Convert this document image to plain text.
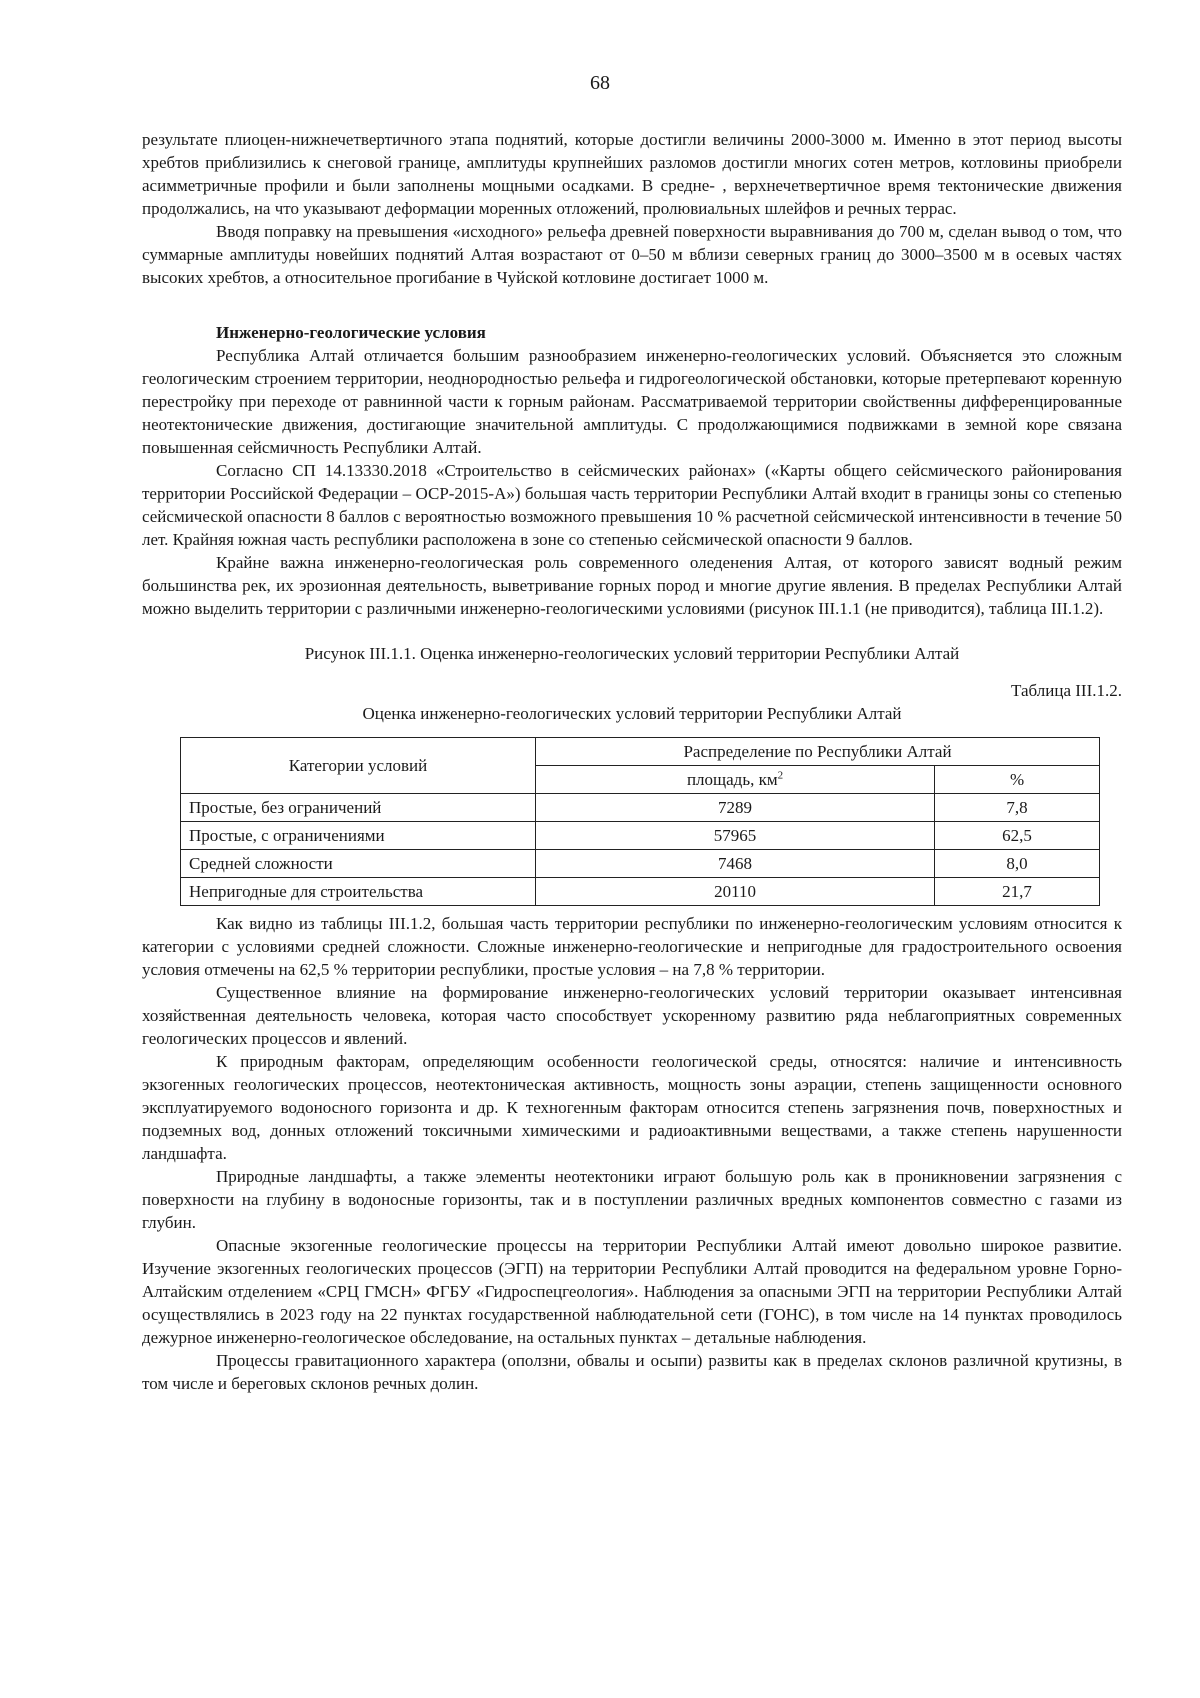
68

результате плиоцен-нижнечетвертичного этапа поднятий, которые достигли величины 2000-3000 м. Именно в этот период высоты хребтов приблизились к снеговой границе, амплитуды крупнейших разломов достигли многих сотен метров, котловины приобрели асимметричные профили и были заполнены мощными осадками. В средне- , верхнечетвертичное время тектонические движения продолжались, на что указывают деформации моренных отложений, пролювиальных шлейфов и речных террас.

Вводя поправку на превышения «исходного» рельефа древней поверхности выравнивания до 700 м, сделан вывод о том, что суммарные амплитуды новейших поднятий Алтая возрастают от 0–50 м вблизи северных границ до 3000–3500 м в осевых частях высоких хребтов, а относительное прогибание в Чуйской котловине достигает 1000 м.

Инженерно-геологические условия

Республика Алтай отличается большим разнообразием инженерно-геологических условий. Объясняется это сложным геологическим строением территории, неоднородностью рельефа и гидрогеологической обстановки, которые претерпевают коренную перестройку при переходе от равнинной части к горным районам. Рассматриваемой территории свойственны дифференцированные неотектонические движения, достигающие значительной амплитуды. С продолжающимися подвижками в земной коре связана повышенная сейсмичность Республики Алтай.

Согласно СП 14.13330.2018 «Строительство в сейсмических районах» («Карты общего сейсмического районирования территории Российской Федерации – ОСР-2015-А») большая часть территории Республики Алтай входит в границы зоны со степенью сейсмической опасности 8 баллов с вероятностью возможного превышения 10 % расчетной сейсмической интенсивности в течение 50 лет. Крайняя южная часть республики расположена в зоне со степенью сейсмической опасности 9 баллов.

Крайне важна инженерно-геологическая роль современного оледенения Алтая, от которого зависят водный режим большинства рек, их эрозионная деятельность, выветривание горных пород и многие другие явления. В пределах Республики Алтай можно выделить территории с различными инженерно-геологическими условиями (рисунок III.1.1 (не приводится), таблица III.1.2).

Рисунок III.1.1. Оценка инженерно-геологических условий территории Республики Алтай

Таблица III.1.2.

Оценка инженерно-геологических условий территории Республики Алтай

Категории условий	Распределение по Республики Алтай	
	площадь, $км^2$	%
Простые, без ограничений	7289	7,8
Простые, с ограничениями	57965	62,5
Средней сложности	7468	8,0
Непригодные для строительства	20110	21,7

Как видно из таблицы III.1.2, большая часть территории республики по инженерно-геологическим условиям относится к категории с условиями средней сложности. Сложные инженерно-геологические и непригодные для градостроительного освоения условия отмечены на 62,5 % территории республики, простые условия – на 7,8 % территории.

Существенное влияние на формирование инженерно-геологических условий территории оказывает интенсивная хозяйственная деятельность человека, которая часто способствует ускоренному развитию ряда неблагоприятных современных геологических процессов и явлений.

К природным факторам, определяющим особенности геологической среды, относятся: наличие и интенсивность экзогенных геологических процессов, неотектоническая активность, мощность зоны аэрации, степень защищенности основного эксплуатируемого водоносного горизонта и др. К техногенным факторам относится степень загрязнения почв, поверхностных и подземных вод, донных отложений токсичными химическими и радиоактивными веществами, а также степень нарушенности ландшафта.

Природные ландшафты, а также элементы неотектоники играют большую роль как в проникновении загрязнения с поверхности на глубину в водоносные горизонты, так и в поступлении различных вредных компонентов совместно с газами из глубин.

Опасные экзогенные геологические процессы на территории Республики Алтай имеют довольно широкое развитие. Изучение экзогенных геологических процессов (ЭГП) на территории Республики Алтай проводится на федеральном уровне Горно-Алтайским отделением «СРЦ ГМСН» ФГБУ «Гидроспецгеология». Наблюдения за опасными ЭГП на территории Республики Алтай осуществлялись в 2023 году на 22 пунктах государственной наблюдательной сети (ГОНС), в том числе на 14 пунктах проводилось дежурное инженерно-геологическое обследование, на остальных пунктах – детальные наблюдения.

Процессы гравитационного характера (оползни, обвалы и осыпи) развиты как в пределах склонов различной крутизны, в том числе и береговых склонов речных долин.
